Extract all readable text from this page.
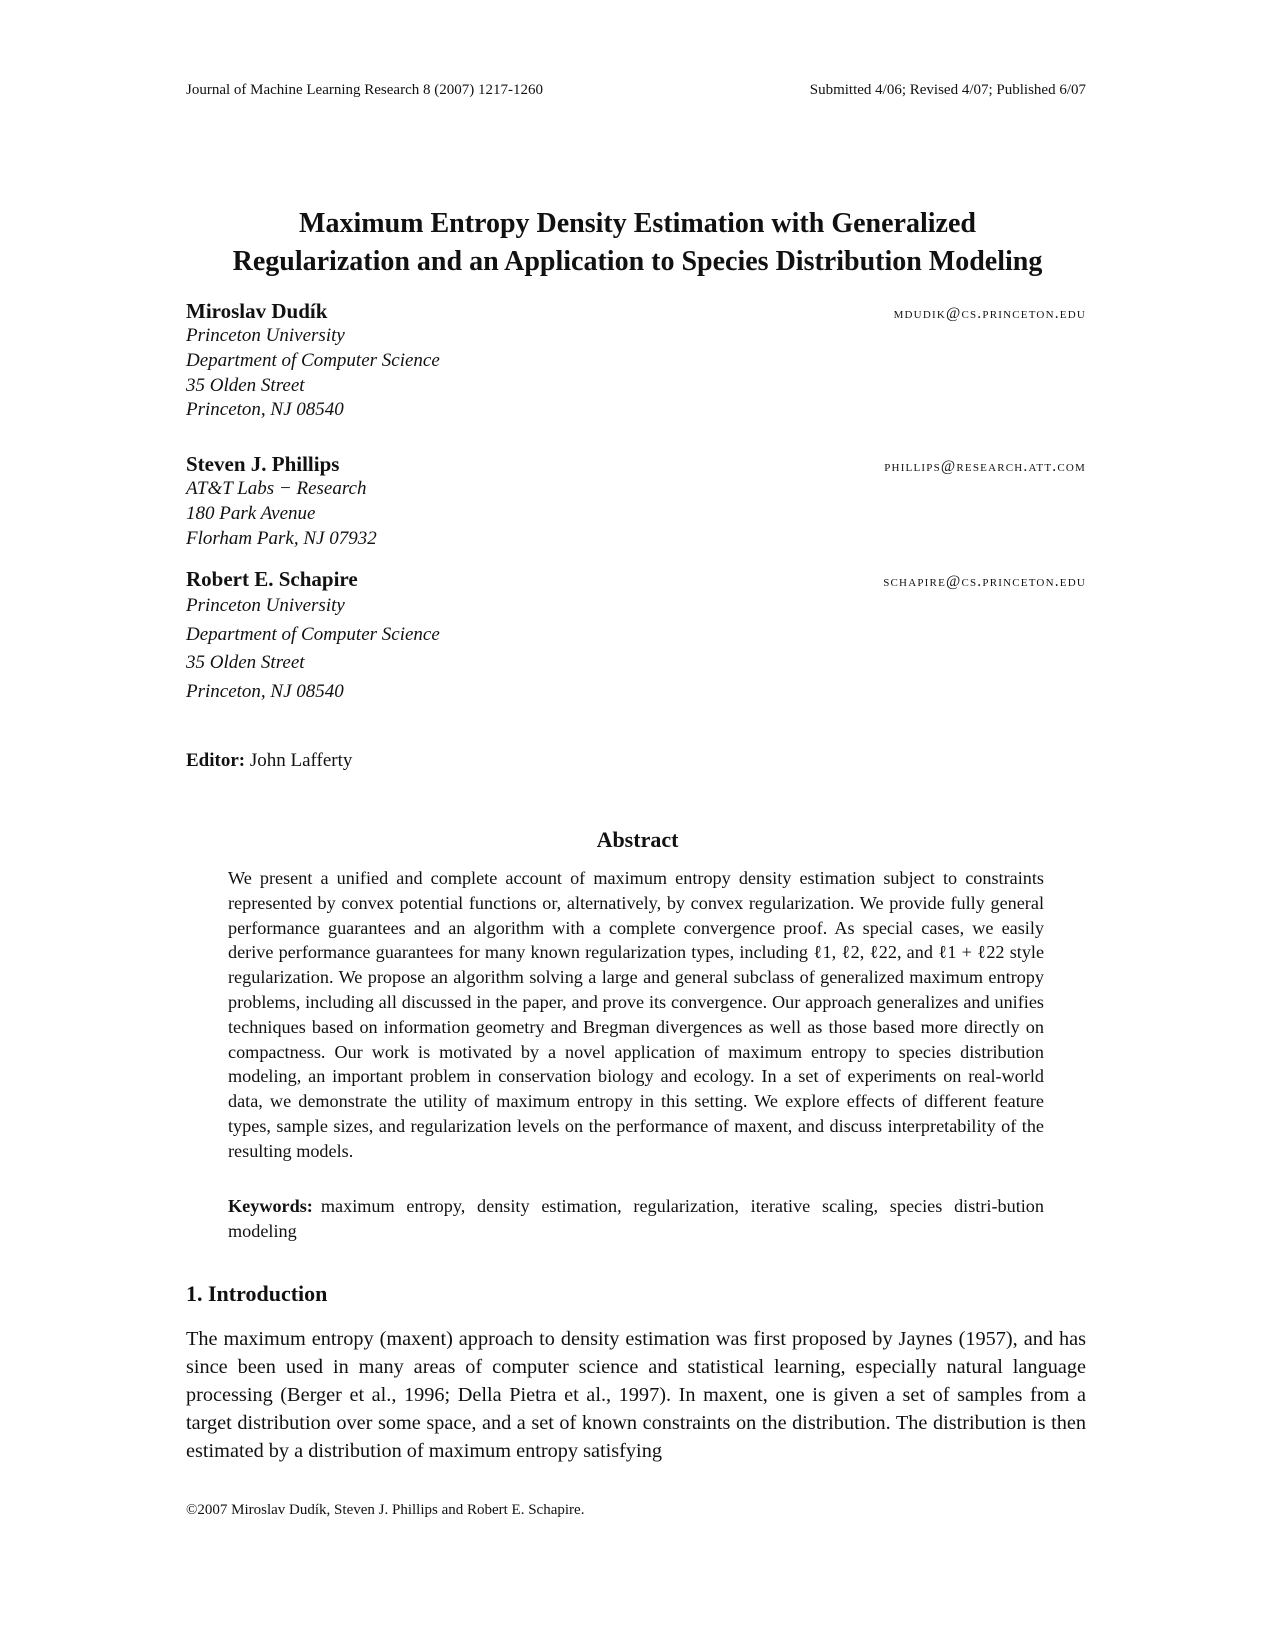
Journal of Machine Learning Research 8 (2007) 1217-1260	Submitted 4/06; Revised 4/07; Published 6/07
Maximum Entropy Density Estimation with Generalized
Regularization and an Application to Species Distribution Modeling
Miroslav Dudík	mdudik@cs.princeton.edu
Princeton University
Department of Computer Science
35 Olden Street
Princeton, NJ 08540
Steven J. Phillips	phillips@research.att.com
AT&T Labs − Research
180 Park Avenue
Florham Park, NJ 07932
Robert E. Schapire	schapire@cs.princeton.edu
Princeton University
Department of Computer Science
35 Olden Street
Princeton, NJ 08540
Editor: John Lafferty
Abstract
We present a unified and complete account of maximum entropy density estimation subject to constraints represented by convex potential functions or, alternatively, by convex regularization. We provide fully general performance guarantees and an algorithm with a complete convergence proof. As special cases, we easily derive performance guarantees for many known regularization types, including ℓ1, ℓ2, ℓ22, and ℓ1 + ℓ22 style regularization. We propose an algorithm solving a large and general subclass of generalized maximum entropy problems, including all discussed in the paper, and prove its convergence. Our approach generalizes and unifies techniques based on information geometry and Bregman divergences as well as those based more directly on compactness. Our work is motivated by a novel application of maximum entropy to species distribution modeling, an important problem in conservation biology and ecology. In a set of experiments on real-world data, we demonstrate the utility of maximum entropy in this setting. We explore effects of different feature types, sample sizes, and regularization levels on the performance of maxent, and discuss interpretability of the resulting models.
Keywords: maximum entropy, density estimation, regularization, iterative scaling, species distri-bution modeling
1. Introduction
The maximum entropy (maxent) approach to density estimation was first proposed by Jaynes (1957), and has since been used in many areas of computer science and statistical learning, especially natural language processing (Berger et al., 1996; Della Pietra et al., 1997). In maxent, one is given a set of samples from a target distribution over some space, and a set of known constraints on the distribution. The distribution is then estimated by a distribution of maximum entropy satisfying
©2007 Miroslav Dudík, Steven J. Phillips and Robert E. Schapire.
